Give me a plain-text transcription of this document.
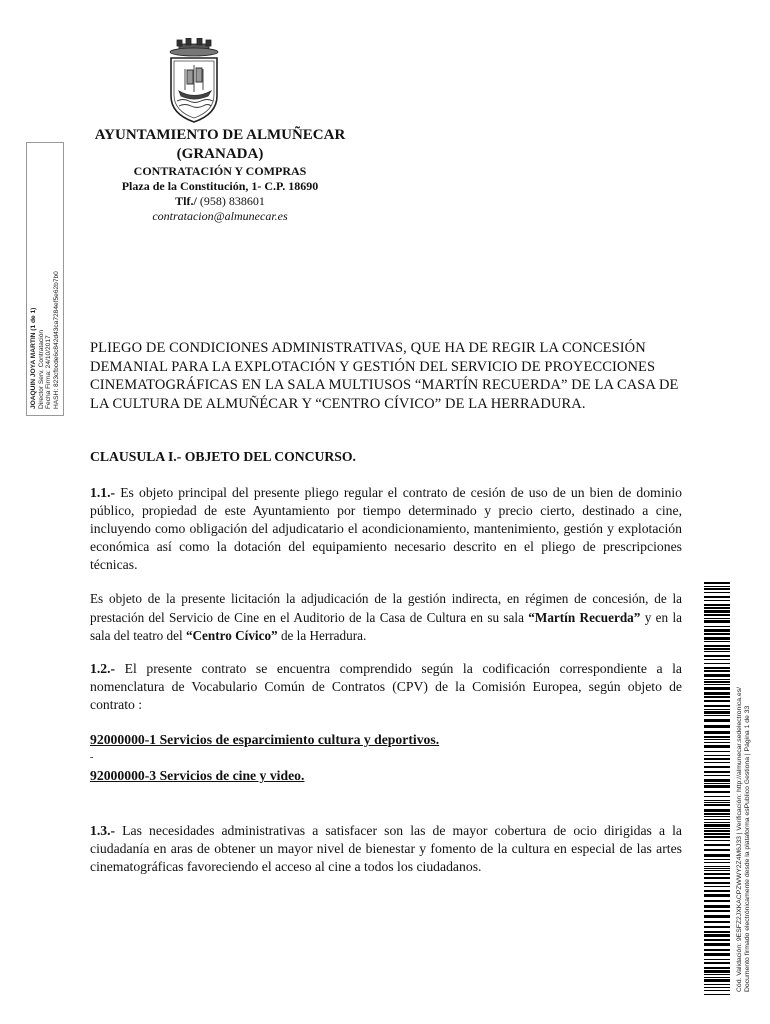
AYUNTAMIENTO DE ALMUÑECAR
(GRANADA)
CONTRATACIÓN Y COMPRAS
Plaza de la Constitución, 1- C.P. 18690
Tlf./ (958) 838601
contratacion@almunecar.es
JOAQUIN JOYA MARTIN (1 de 1) Director Serv. Contratación Fecha Firma: 24/10/2017 HASH: 823cfbcde6c842d43ca7284ef5e62b7b0 PLIEGO DE CONDICIONES ADMINISTRATIVAS, QUE HA DE REGIR LA CONCESIÓN DEMANIAL PARA LA EXPLOTACIÓN Y GESTIÓN DEL SERVICIO DE PROYECCIONES CINEMATOGRÁFICAS EN LA SALA MULTIUSOS “MARTÍN RECUERDA” DE LA CASA DE LA CULTURA DE ALMUÑÉCAR Y “CENTRO CÍVICO” DE LA HERRADURA.
CLAUSULA I.- OBJETO DEL CONCURSO.
1.1.- Es objeto principal del presente pliego regular el contrato de cesión de uso de un bien de dominio público, propiedad de este Ayuntamiento por tiempo determinado y precio cierto, destinado a cine, incluyendo como obligación del adjudicatario el acondicionamiento, mantenimiento, gestión y explotación económica así como la dotación del equipamiento necesario descrito en el pliego de prescripciones técnicas.
Es objeto de la presente licitación la adjudicación de la gestión indirecta, en régimen de concesión, de la prestación del Servicio de Cine en el Auditorio de la Casa de Cultura en su sala “Martín Recuerda” y en la sala del teatro del “Centro Cívico” de la Herradura.
1.2.- El presente contrato se encuentra comprendido según la codificación correspondiente a la nomenclatura de Vocabulario Común de Contratos (CPV) de la Comisión Europea, según objeto de contrato :
92000000-1 Servicios de esparcimiento cultura y deportivos.
-
92000000-3 Servicios de cine y video.
1.3.- Las necesidades administrativas a satisfacer son las de mayor cobertura de ocio dirigidas a la ciudadanía en aras de obtener un mayor nivel de bienestar y fomento de la cultura en especial de las artes cinematográficas favoreciendo el acceso al cine a todos los ciudadanos.	Cód. Validación: 9ESFZ2JXKACPZWWY2Z4M6J33 | Verificación: http://almunecar.sedelectronica.es/ Documento firmado electrónicamente desde la plataforma esPublico Gestiona | Página 1 de 33
